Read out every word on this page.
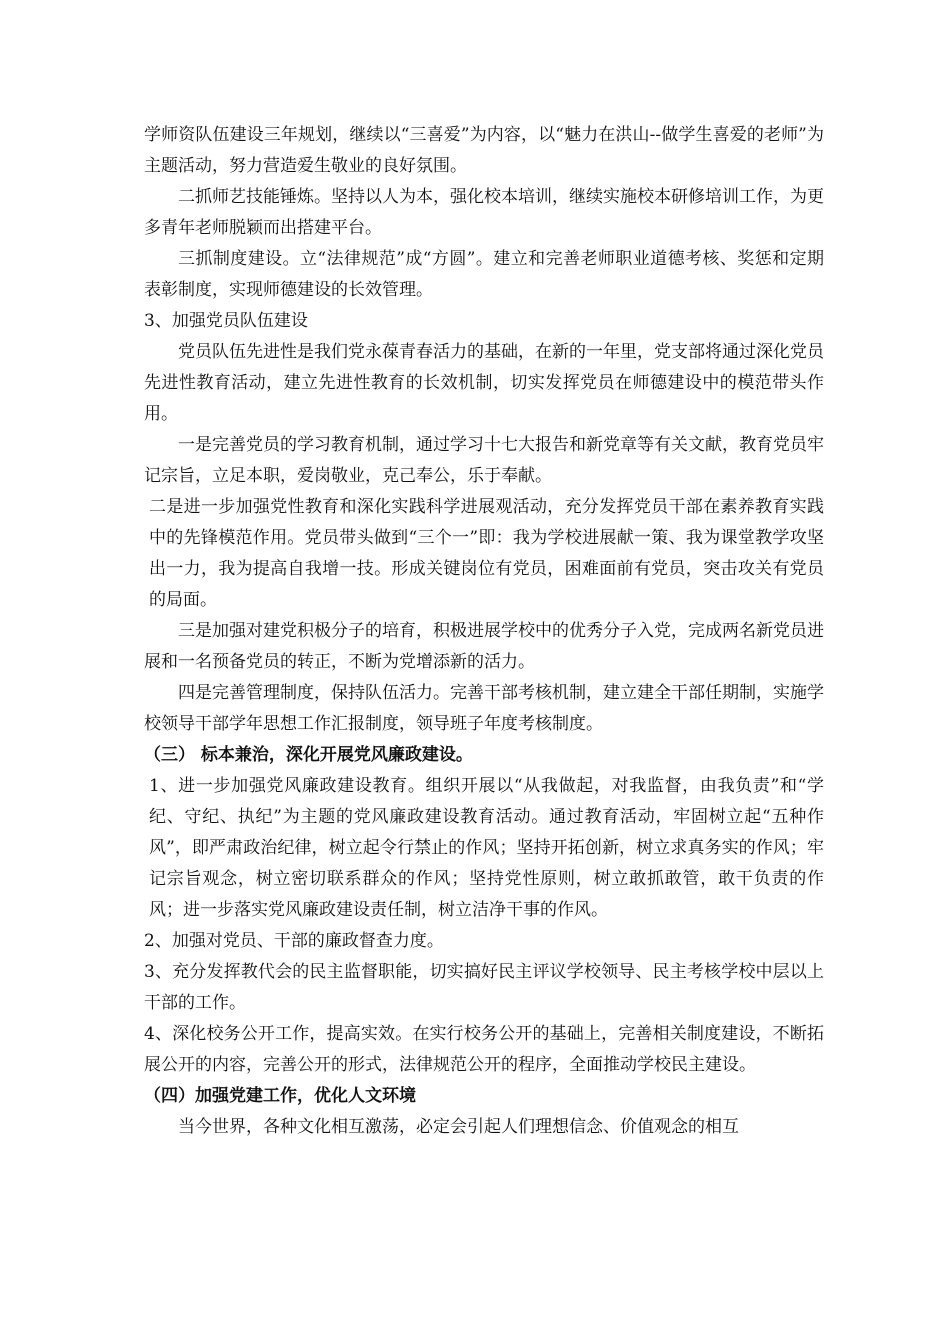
学师资队伍建设三年规划，继续以“三喜爱”为内容，以“魅力在洪山--做学生喜爱的老师”为主题活动，努力营造爱生敬业的良好氛围。

二抓师艺技能锤炼。坚持以人为本，强化校本培训，继续实施校本研修培训工作，为更多青年老师脱颖而出搭建平台。

三抓制度建设。立“法律规范”成“方圆”。建立和完善老师职业道德考核、奖惩和定期表彰制度，实现师德建设的长效管理。

3、加强党员队伍建设

党员队伍先进性是我们党永葆青春活力的基础，在新的一年里，党支部将通过深化党员先进性教育活动，建立先进性教育的长效机制，切实发挥党员在师德建设中的模范带头作用。

一是完善党员的学习教育机制，通过学习十七大报告和新党章等有关文献，教育党员牢记宗旨，立足本职，爱岗敬业，克己奉公，乐于奉献。

二是进一步加强党性教育和深化实践科学进展观活动，充分发挥党员干部在素养教育实践中的先锋模范作用。党员带头做到“三个一”即：我为学校进展献一策、我为课堂教学攻坚出一力，我为提高自我增一技。形成关键岗位有党员，困难面前有党员，突击攻关有党员的局面。

三是加强对建党积极分子的培育，积极进展学校中的优秀分子入党，完成两名新党员进展和一名预备党员的转正，不断为党增添新的活力。

四是完善管理制度，保持队伍活力。完善干部考核机制，建立建全干部任期制，实施学校领导干部学年思想工作汇报制度，领导班子年度考核制度。

（三） 标本兼治，深化开展党风廉政建设。

1、进一步加强党风廉政建设教育。组织开展以“从我做起，对我监督，由我负责”和“学纪、守纪、执纪”为主题的党风廉政建设教育活动。通过教育活动，牢固树立起“五种作风”，即严肃政治纪律，树立起令行禁止的作风；坚持开拓创新，树立求真务实的作风；牢记宗旨观念，树立密切联系群众的作风；坚持党性原则，树立敢抓敢管，敢干负责的作风；进一步落实党风廉政建设责任制，树立洁净干事的作风。

2、加强对党员、干部的廉政督查力度。

3、充分发挥教代会的民主监督职能，切实搞好民主评议学校领导、民主考核学校中层以上干部的工作。

4、深化校务公开工作，提高实效。在实行校务公开的基础上，完善相关制度建设，不断拓展公开的内容，完善公开的形式，法律规范公开的程序，全面推动学校民主建设。

（四）加强党建工作，优化人文环境

当今世界，各种文化相互激荡，必定会引起人们理想信念、价值观念的相互
